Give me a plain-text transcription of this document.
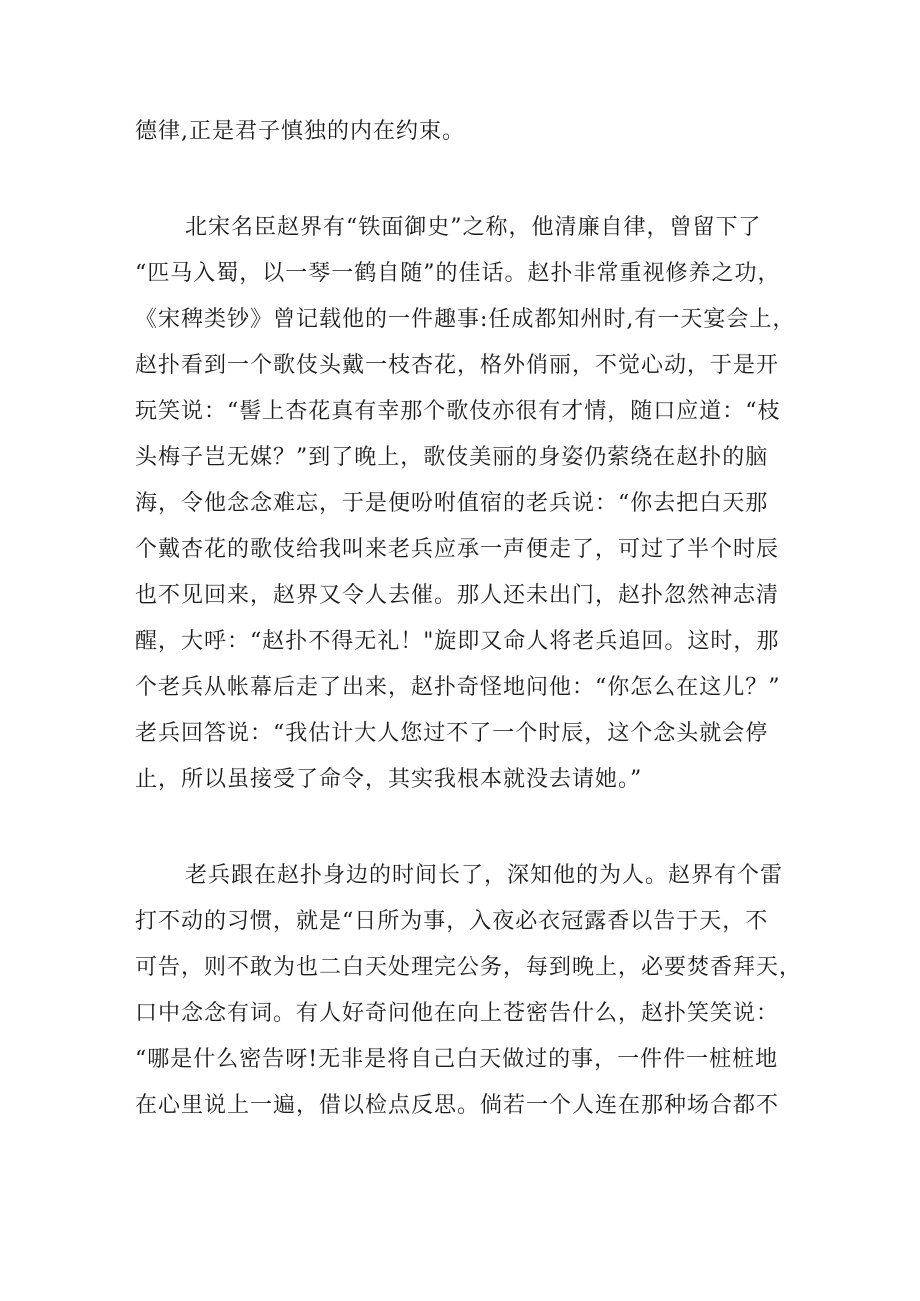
德律,正是君子慎独的内在约束。
北宋名臣赵界有“铁面御史”之称，他清廉自律，曾留下了
“匹马入蜀，以一琴一鹤自随”的佳话。赵扑非常重视修养之功，
《宋稗类钞》曾记载他的一件趣事:任成都知州时,有一天宴会上，
赵扑看到一个歌伎头戴一枝杏花，格外俏丽，不觉心动，于是开
玩笑说：“髻上杏花真有幸那个歌伎亦很有才情，随口应道：“枝
头梅子岂无媒？”到了晚上，歌伎美丽的身姿仍萦绕在赵扑的脑
海，令他念念难忘，于是便吩咐值宿的老兵说：“你去把白天那
个戴杏花的歌伎给我叫来老兵应承一声便走了，可过了半个时辰
也不见回来，赵界又令人去催。那人还未出门，赵扑忽然神志清
醒，大呼：“赵扑不得无礼！"旋即又命人将老兵追回。这时，那
个老兵从帐幕后走了出来，赵扑奇怪地问他：“你怎么在这儿？”
老兵回答说：“我估计大人您过不了一个时辰，这个念头就会停
止，所以虽接受了命令，其实我根本就没去请她。”
老兵跟在赵扑身边的时间长了，深知他的为人。赵界有个雷
打不动的习惯，就是“日所为事，入夜必衣冠露香以告于天，不
可告，则不敢为也二白天处理完公务，每到晚上，必要焚香拜天，
口中念念有词。有人好奇问他在向上苍密告什么，赵扑笑笑说：
“哪是什么密告呀!无非是将自己白天做过的事，一件件一桩桩地
在心里说上一遍，借以检点反思。倘若一个人连在那种场合都不
